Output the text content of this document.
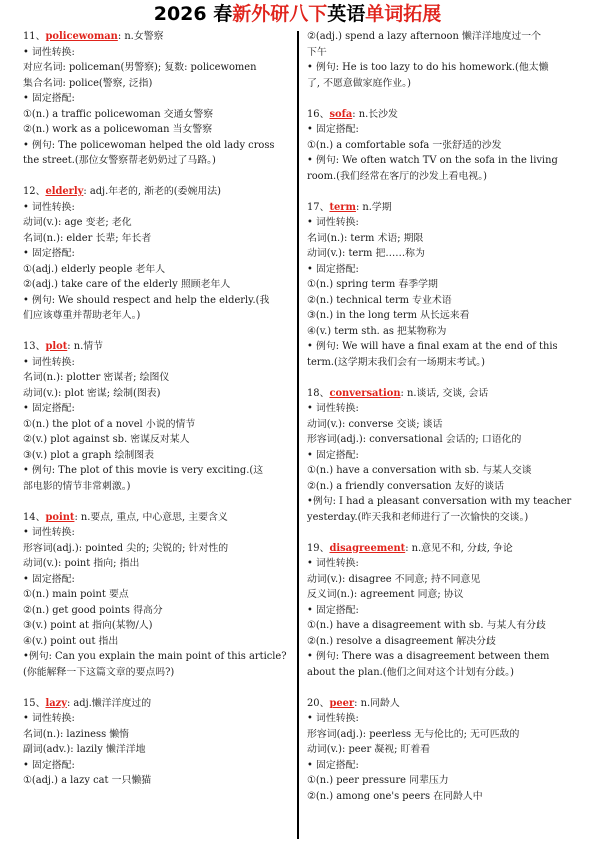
2026 春新外研八下英语单词拓展
11、policewoman: n.女警察
• 词性转换:
对应名词: policeman(男警察); 复数: policewomen
集合名词: police(警察, 泛指)
• 固定搭配:
①(n.) a traffic policewoman 交通女警察
②(n.) work as a policewoman 当女警察
• 例句: The policewoman helped the old lady cross
the street.(那位女警察帮老奶奶过了马路。)
12、elderly: adj.年老的, 渐老的(委婉用法)
• 词性转换:
动词(v.): age 变老; 老化
名词(n.): elder 长辈; 年长者
• 固定搭配:
①(adj.) elderly people 老年人
②(adj.) take care of the elderly 照顾老年人
• 例句: We should respect and help the elderly.(我
们应该尊重并帮助老年人。)
13、plot: n.情节
• 词性转换:
名词(n.): plotter 密谋者; 绘图仪
动词(v.): plot 密谋; 绘制(图表)
• 固定搭配:
①(n.) the plot of a novel 小说的情节
②(v.) plot against sb. 密谋反对某人
③(v.) plot a graph 绘制图表
• 例句: The plot of this movie is very exciting.(这
部电影的情节非常刺激。)
14、point: n.要点, 重点, 中心意思, 主要含义
• 词性转换:
形容词(adj.): pointed 尖的; 尖锐的; 针对性的
动词(v.): point 指向; 指出
• 固定搭配:
①(n.) main point 要点
②(n.) get good points 得高分
③(v.) point at 指向(某物/人)
④(v.) point out 指出
•例句: Can you explain the main point of this article?
(你能解释一下这篇文章的要点吗?)
15、lazy: adj.懒洋洋度过的
• 词性转换:
名词(n.): laziness 懒惰
副词(adv.): lazily 懒洋洋地
• 固定搭配:
①(adj.) a lazy cat 一只懒猫
②(adj.) spend a lazy afternoon 懒洋洋地度过一个
下午
• 例句: He is too lazy to do his homework.(他太懒
了, 不愿意做家庭作业。)
16、sofa: n.长沙发
• 固定搭配:
①(n.) a comfortable sofa 一张舒适的沙发
• 例句: We often watch TV on the sofa in the living
room.(我们经常在客厅的沙发上看电视。)
17、term: n.学期
• 词性转换:
名词(n.): term 术语; 期限
动词(v.): term 把……称为
• 固定搭配:
①(n.) spring term 春季学期
②(n.) technical term 专业术语
③(n.) in the long term 从长远来看
④(v.) term sth. as 把某物称为
• 例句: We will have a final exam at the end of this
term.(这学期末我们会有一场期末考试。)
18、conversation: n.谈话, 交谈, 会话
• 词性转换:
动词(v.): converse 交谈; 谈话
形容词(adj.): conversational 会话的; 口语化的
• 固定搭配:
①(n.) have a conversation with sb. 与某人交谈
②(n.) a friendly conversation 友好的谈话
•例句: I had a pleasant conversation with my teacher
yesterday.(昨天我和老师进行了一次愉快的交谈。)
19、disagreement: n.意见不和, 分歧, 争论
• 词性转换:
动词(v.): disagree 不同意; 持不同意见
反义词(n.): agreement 同意; 协议
• 固定搭配:
①(n.) have a disagreement with sb. 与某人有分歧
②(n.) resolve a disagreement 解决分歧
• 例句: There was a disagreement between them
about the plan.(他们之间对这个计划有分歧。)
20、peer: n.同龄人
• 词性转换:
形容词(adj.): peerless 无与伦比的; 无可匹敌的
动词(v.): peer 凝视; 盯着看
• 固定搭配:
①(n.) peer pressure 同辈压力
②(n.) among one's peers 在同龄人中
